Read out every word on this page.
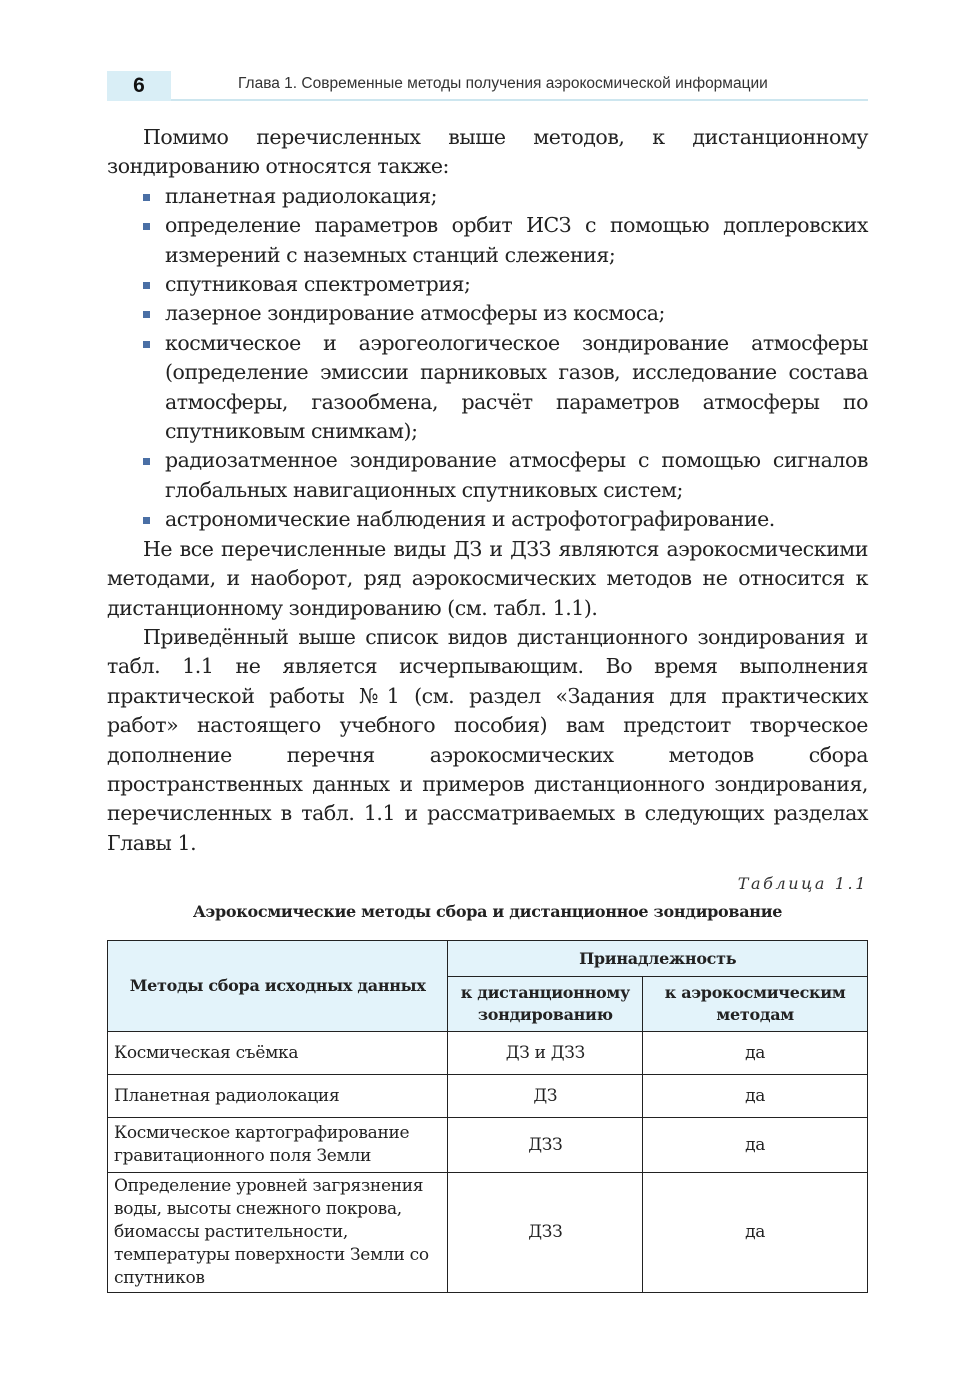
6	Глава 1. Современные методы получения аэрокосмической информации

Помимо перечисленных выше методов, к дистанционному зондированию относятся также:

планетная радиолокация;
определение параметров орбит ИСЗ с помощью доплеровских измерений с наземных станций слежения;
спутниковая спектрометрия;
лазерное зондирование атмосферы из космоса;
космическое и аэрогеологическое зондирование атмосферы (определение эмиссии парниковых газов, исследование состава атмосферы, газообмена, расчёт параметров атмосферы по спутниковым снимкам);
радиозатменное зондирование атмосферы с помощью сигналов глобальных навигационных спутниковых систем;
астрономические наблюдения и астрофотографирование.

Не все перечисленные виды ДЗ и ДЗЗ являются аэрокосмическими методами, и наоборот, ряд аэрокосмических методов не относится к дистанционному зондированию (см. табл. 1.1).

Приведённый выше список видов дистанционного зондирования и табл. 1.1 не является исчерпывающим. Во время выполнения практической работы №1 (см. раздел «Задания для практических работ» настоящего учебного пособия) вам предстоит творческое дополнение перечня аэрокосмических методов сбора пространственных данных и примеров дистанционного зондирования, перечисленных в табл. 1.1 и рассматриваемых в следующих разделах Главы 1.

Таблица 1.1
Аэрокосмические методы сбора и дистанционное зондирование
Методы сбора исходных данных	Принадлежность	
	к дистанционному зондированию	к аэрокосмическим методам
Космическая съёмка	ДЗ и ДЗЗ	да
Планетная радиолокация	ДЗ	да
Космическое картографирование гравитационного поля Земли	ДЗЗ	да
Определение уровней загрязнения воды, высоты снежного покрова, биомассы растительности, температуры поверхности Земли со спутников	ДЗЗ	да
